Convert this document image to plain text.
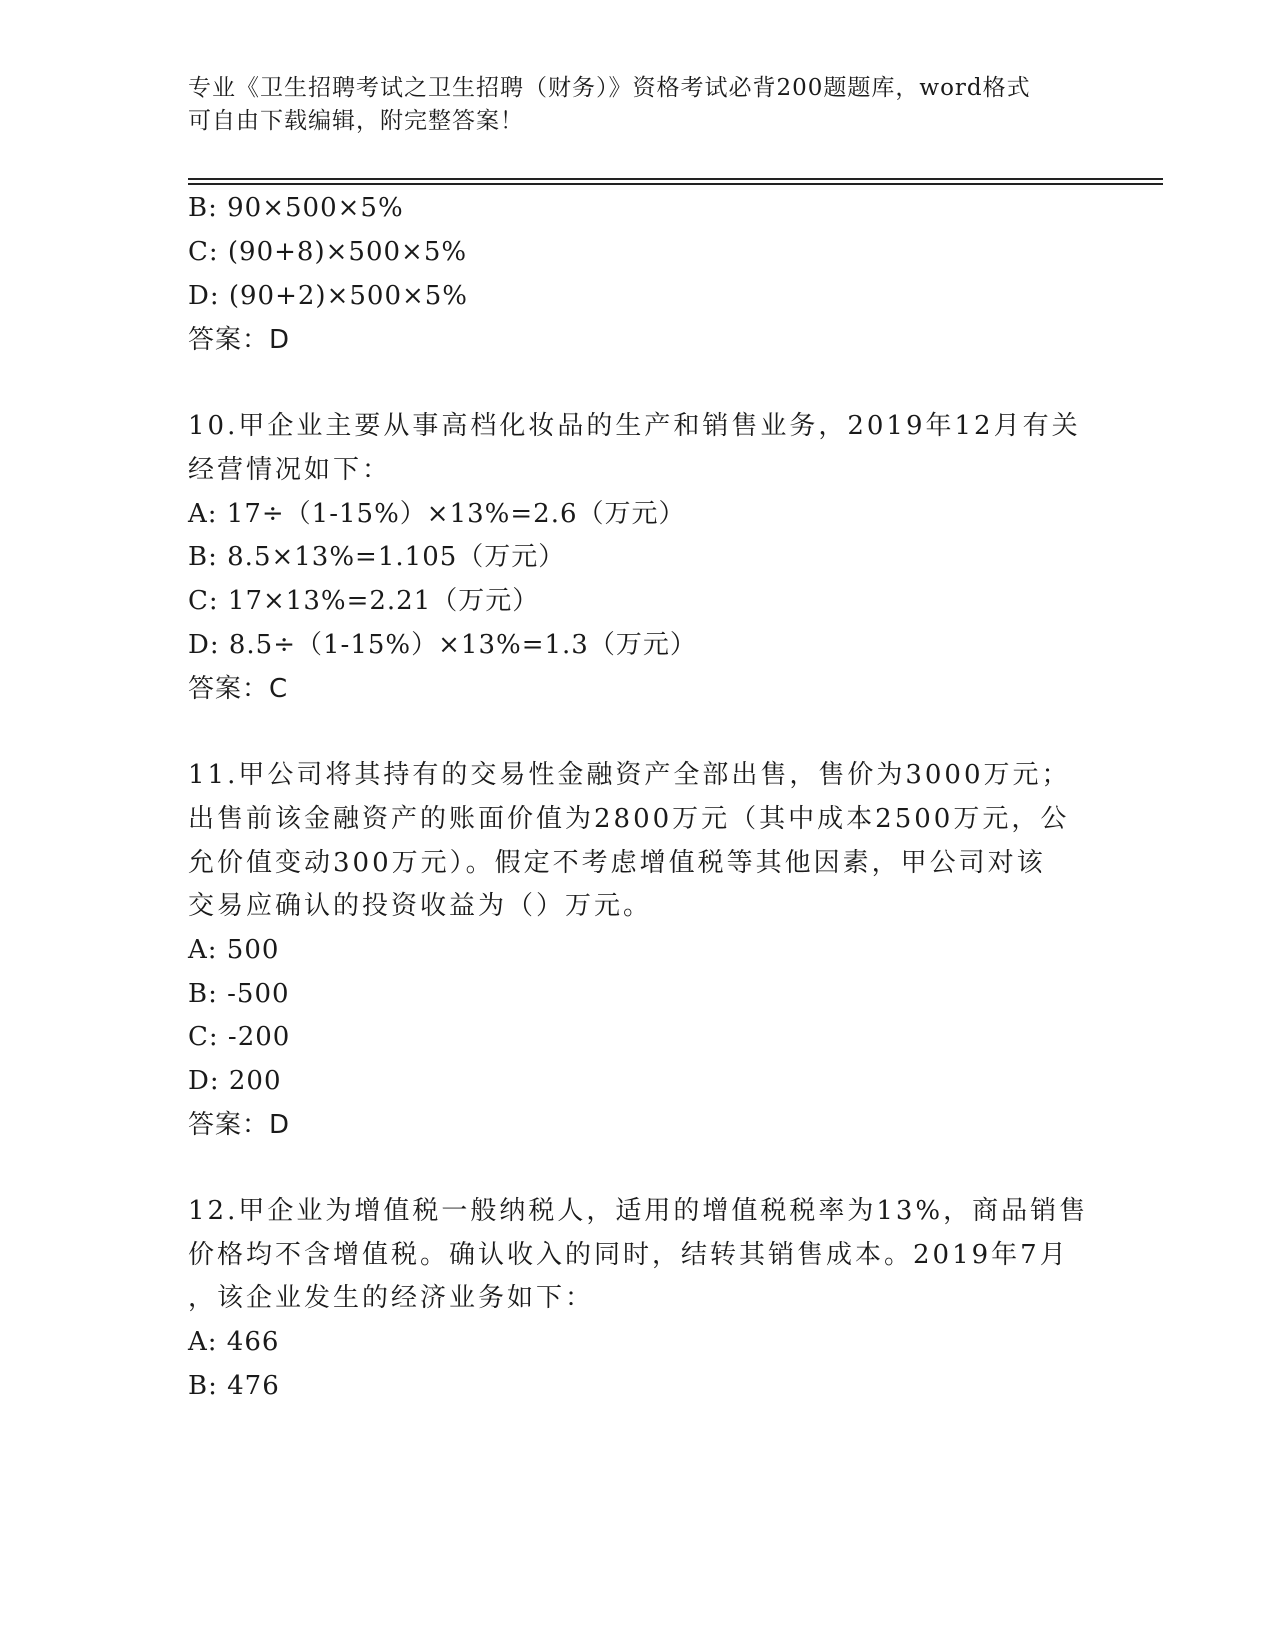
专业《卫生招聘考试之卫生招聘（财务）》资格考试必背200题题库，word格式
可自由下载编辑，附完整答案！
B: 90×500×5%
C: (90+8)×500×5%
D: (90+2)×500×5%
答案：D
10.甲企业主要从事高档化妆品的生产和销售业务，2019年12月有关
经营情况如下：
A: 17÷（1-15%）×13%=2.6（万元）
B: 8.5×13%=1.105（万元）
C: 17×13%=2.21（万元）
D: 8.5÷（1-15%）×13%=1.3（万元）
答案：C
11.甲公司将其持有的交易性金融资产全部出售，售价为3000万元；
出售前该金融资产的账面价值为2800万元（其中成本2500万元，公
允价值变动300万元）。假定不考虑增值税等其他因素，甲公司对该
交易应确认的投资收益为（）万元。
A: 500
B: -500
C: -200
D: 200
答案：D
12.甲企业为增值税一般纳税人，适用的增值税税率为13%，商品销售
价格均不含增值税。确认收入的同时，结转其销售成本。2019年7月
，该企业发生的经济业务如下：
A: 466
B: 476
